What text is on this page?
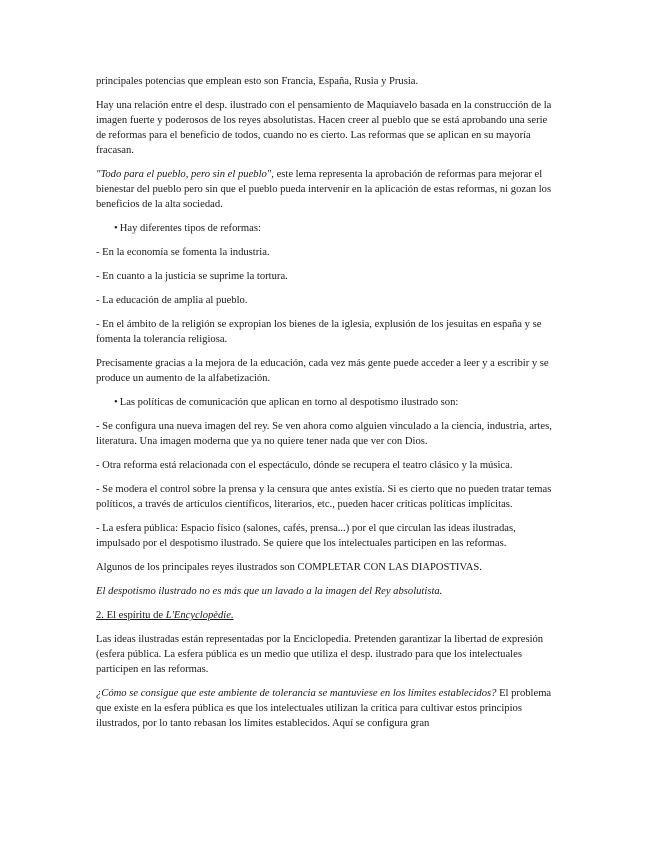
principales potencias que emplean esto son Francia, España, Rusia y Prusia.

Hay una relación entre el desp. ilustrado con el pensamiento de Maquiavelo basada en la construcción de la imagen fuerte y poderosos de los reyes absolutistas. Hacen creer al pueblo que se está aprobando una serie de reformas para el beneficio de todos, cuando no es cierto. Las reformas que se aplican en su mayoría fracasan.

"Todo para el pueblo, pero sin el pueblo", este lema representa la aprobación de reformas para mejorar el bienestar del pueblo pero sin que el pueblo pueda intervenir en la aplicación de estas reformas, ni gozan los beneficios de la alta sociedad.

• Hay diferentes tipos de reformas:

- En la economía se fomenta la industria.

- En cuanto a la justicia se suprime la tortura.

- La educación de amplia al pueblo.

- En el ámbito de la religión se expropian los bienes de la iglesia, explusión de los jesuitas en españa y se fomenta la tolerancia religiosa.

Precisamente gracias a la mejora de la educación, cada vez más gente puede acceder a leer y a escribir y se produce un aumento de la alfabetización.

• Las políticas de comunicación que aplican en torno al despotismo ilustrado son:

- Se configura una nueva imagen del rey. Se ven ahora como alguien vinculado a la ciencia, industria, artes, literatura. Una imagen moderna que ya no quiere tener nada que ver con Dios.

- Otra reforma está relacionada con el espectáculo, dónde se recupera el teatro clásico y la música.

- Se modera el control sobre la prensa y la censura que antes existía. Si es cierto que no pueden tratar temas políticos, a través de artículos científicos, literarios, etc., pueden hacer críticas políticas implícitas.

- La esfera pública: Espacio físico (salones, cafés, prensa...) por el que circulan las ideas ilustradas, impulsado por el despotismo ilustrado. Se quiere que los intelectuales participen en las reformas.

Algunos de los principales reyes ilustrados son COMPLETAR CON LAS DIAPOSTIVAS.

El despotismo ilustrado no es más que un lavado a la imagen del Rey absolutista.

2. El espíritu de L'Encyclopèdie.

Las ideas ilustradas están representadas por la Enciclopedia. Pretenden garantizar la libertad de expresión (esfera pública. La esfera pública es un medio que utiliza el desp. ilustrado para que los intelectuales participen en las reformas.

¿Cómo se consigue que este ambiente de tolerancia se mantuviese en los límites establecidos? El problema que existe en la esfera pública es que los intelectuales utilizan la crítica para cultivar estos principios ilustrados, por lo tanto rebasan los límites establecidos. Aquí se configura gran
